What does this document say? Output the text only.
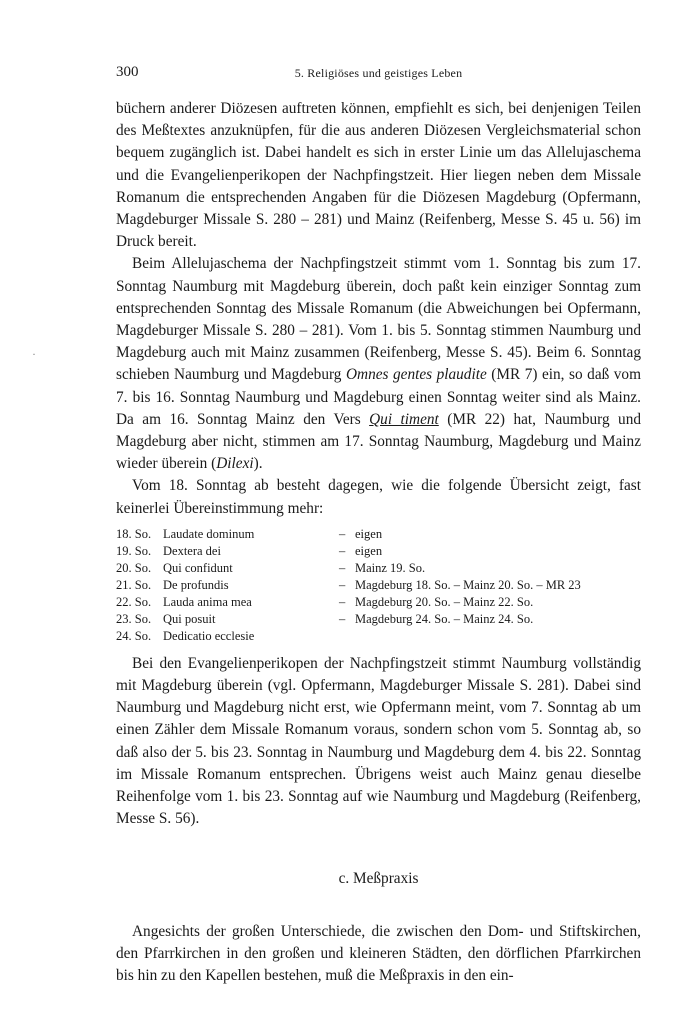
300	5. Religiöses und geistiges Leben
·

büchern anderer Diözesen auftreten können, empfiehlt es sich, bei denjenigen Teilen des Meßtextes anzuknüpfen, für die aus anderen Diözesen Vergleichsmaterial schon bequem zugänglich ist. Dabei handelt es sich in erster Linie um das Allelujaschema und die Evangelienperikopen der Nachpfingstzeit. Hier liegen neben dem Missale Romanum die entsprechenden Angaben für die Diözesen Magdeburg (Opfermann, Magdeburger Missale S. 280 – 281) und Mainz (Reifenberg, Messe S. 45 u. 56) im Druck bereit.

Beim Allelujaschema der Nachpfingstzeit stimmt vom 1. Sonntag bis zum 17. Sonntag Naumburg mit Magdeburg überein, doch paßt kein einziger Sonntag zum entsprechenden Sonntag des Missale Romanum (die Abweichungen bei Opfermann, Magdeburger Missale S. 280 – 281). Vom 1. bis 5. Sonntag stimmen Naumburg und Magdeburg auch mit Mainz zusammen (Reifenberg, Messe S. 45). Beim 6. Sonntag schieben Naumburg und Magdeburg Omnes gentes plaudite (MR 7) ein, so daß vom 7. bis 16. Sonntag Naumburg und Magdeburg einen Sonntag weiter sind als Mainz. Da am 16. Sonntag Mainz den Vers Qui timent (MR 22) hat, Naumburg und Magdeburg aber nicht, stimmen am 17. Sonntag Naumburg, Magdeburg und Mainz wieder überein (Dilexi).

Vom 18. Sonntag ab besteht dagegen, wie die folgende Übersicht zeigt, fast keinerlei Übereinstimmung mehr:

18. So.	Laudate dominum	–	eigen
19. So.	Dextera dei	–	eigen
20. So.	Qui confidunt	–	Mainz 19. So.
21. So.	De profundis	–	Magdeburg 18. So. – Mainz 20. So. – MR 23
22. So.	Lauda anima mea	–	Magdeburg 20. So. – Mainz 22. So.
23. So.	Qui posuit	–	Magdeburg 24. So. – Mainz 24. So.
24. So.	Dedicatio ecclesie		

Bei den Evangelienperikopen der Nachpfingstzeit stimmt Naumburg vollständig mit Magdeburg überein (vgl. Opfermann, Magdeburger Missale S. 281). Dabei sind Naumburg und Magdeburg nicht erst, wie Opfermann meint, vom 7. Sonntag ab um einen Zähler dem Missale Romanum voraus, sondern schon vom 5. Sonntag ab, so daß also der 5. bis 23. Sonntag in Naumburg und Magdeburg dem 4. bis 22. Sonntag im Missale Romanum entsprechen. Übrigens weist auch Mainz genau dieselbe Reihenfolge vom 1. bis 23. Sonntag auf wie Naumburg und Magdeburg (Reifenberg, Messe S. 56).

c. Meßpraxis

Angesichts der großen Unterschiede, die zwischen den Dom- und Stiftskirchen, den Pfarrkirchen in den großen und kleineren Städten, den dörflichen Pfarrkirchen bis hin zu den Kapellen bestehen, muß die Meßpraxis in den ein-
